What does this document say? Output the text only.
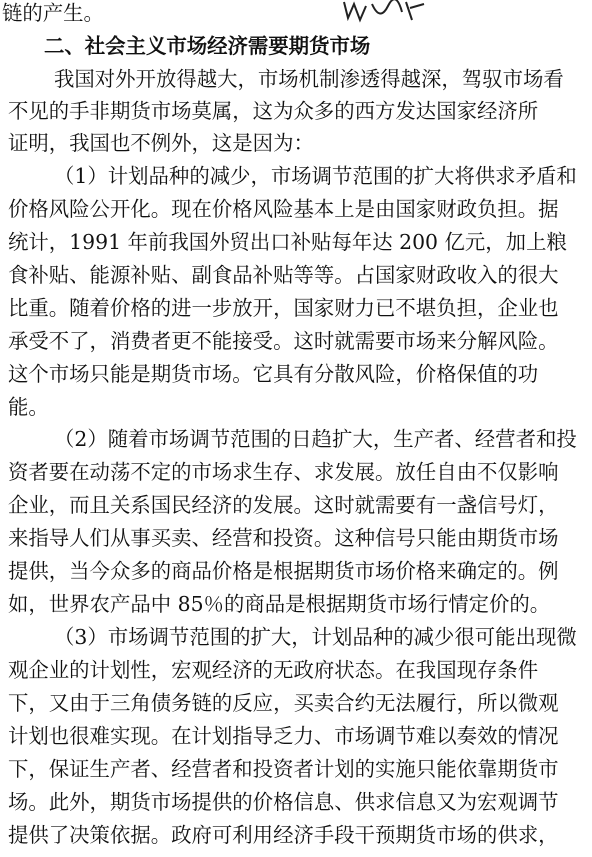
链的产生。
二、社会主义市场经济需要期货市场
我国对外开放得越大，市场机制渗透得越深，驾驭市场看
不见的手非期货市场莫属，这为众多的西方发达国家经济所
证明，我国也不例外，这是因为：
（1）计划品种的减少，市场调节范围的扩大将供求矛盾和
价格风险公开化。现在价格风险基本上是由国家财政负担。据
统计，1991 年前我国外贸出口补贴每年达 200 亿元，加上粮
食补贴、能源补贴、副食品补贴等等。占国家财政收入的很大
比重。随着价格的进一步放开，国家财力已不堪负担，企业也
承受不了，消费者更不能接受。这时就需要市场来分解风险。
这个市场只能是期货市场。它具有分散风险，价格保值的功
能。
（2）随着市场调节范围的日趋扩大，生产者、经营者和投
资者要在动荡不定的市场求生存、求发展。放任自由不仅影响
企业，而且关系国民经济的发展。这时就需要有一盏信号灯，
来指导人们从事买卖、经营和投资。这种信号只能由期货市场
提供，当今众多的商品价格是根据期货市场价格来确定的。例
如，世界农产品中 85％的商品是根据期货市场行情定价的。
（3）市场调节范围的扩大，计划品种的减少很可能出现微
观企业的计划性，宏观经济的无政府状态。在我国现存条件
下，又由于三角债务链的反应，买卖合约无法履行，所以微观
计划也很难实现。在计划指导乏力、市场调节难以奏效的情况
下，保证生产者、经营者和投资者计划的实施只能依靠期货市
场。此外，期货市场提供的价格信息、供求信息又为宏观调节
提供了决策依据。政府可利用经济手段干预期货市场的供求，
